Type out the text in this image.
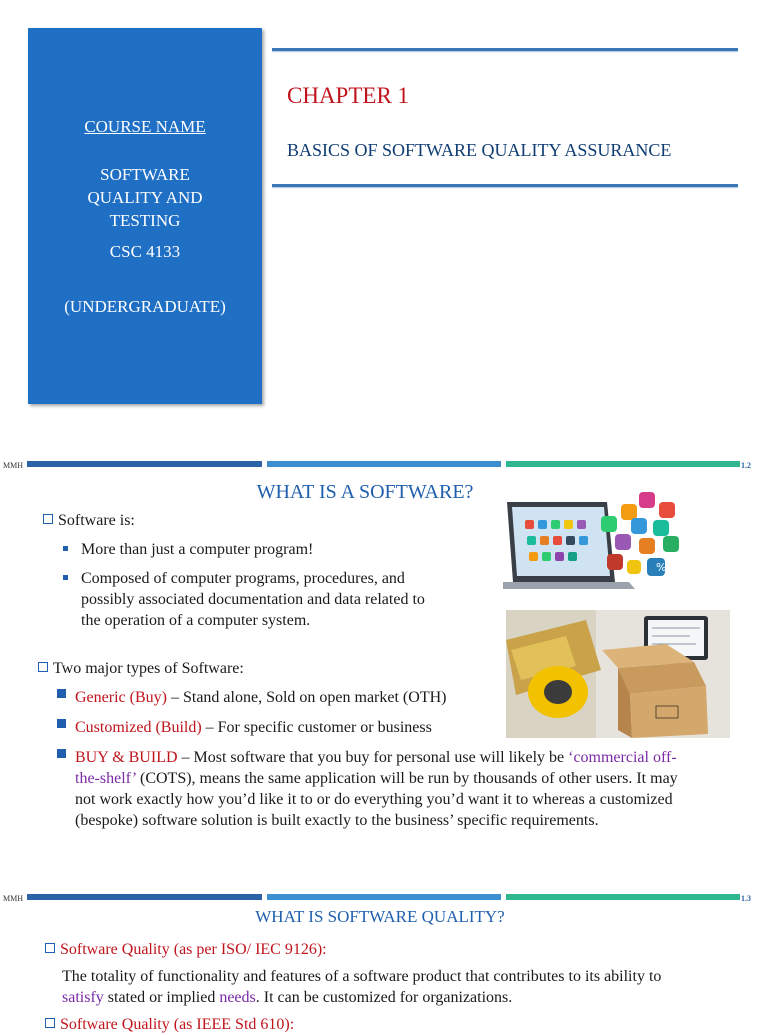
COURSE NAME
SOFTWARE
QUALITY AND
TESTING
CSC 4133
(UNDERGRADUATE)
CHAPTER 1
BASICS OF SOFTWARE QUALITY ASSURANCE
MMH	1.2
WHAT IS A SOFTWARE?
Software is:
More than just a computer program!
Composed of computer programs, procedures, and
possibly associated documentation and data related to
the operation of a computer system.
Two major types of Software:
Generic (Buy) – Stand alone, Sold on open market (OTH)
Customized (Build) – For specific customer or business
BUY & BUILD – Most software that you buy for personal use will likely be ‘commercial off-
the-shelf’ (COTS), means the same application will be run by thousands of other users. It may
not work exactly how you’d like it to or do everything you’d want it to whereas a customized
(bespoke) software solution is built exactly to the business’ specific requirements.
%
MMH	1.3
WHAT IS SOFTWARE QUALITY?
Software Quality (as per ISO/ IEC 9126):
The totality of functionality and features of a software product that contributes to its ability to
satisfy stated or implied needs. It can be customized for organizations.
Software Quality (as IEEE Std 610):
